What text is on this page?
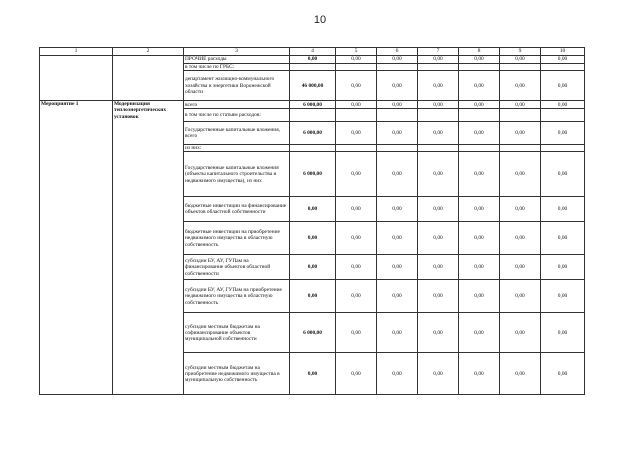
10
1	2	3	4	5	6	7	8	9	10
		ПРОЧИЕ расходы	0,00	0,00	0,00	0,00	0,00	0,00	0,00
		в том числе по ГРБС:							
		департамент жилищно-коммунального хозяйства и энергетики Воронежской области	46 000,00	0,00	0,00	0,00	0,00	0,00	0,00
Мероприятие 1	Модернизация теплоэнергетических установок	всего	6 000,00	0,00	0,00	0,00	0,00	0,00	0,00
		в том числе по статьям расходов:							
		Государственные капитальные вложения, всего	6 000,00	0,00	0,00	0,00	0,00	0,00	0,00
		из них:							
		Государственные капитальные вложения (объекты капитального строительства и недвижимого имущества), из них	6 000,00	0,00	0,00	0,00	0,00	0,00	0,00
		бюджетные инвестиции на финансирование объектов областной собственности	0,00	0,00	0,00	0,00	0,00	0,00	0,00
		бюджетные инвестиции на приобретение недвижимого имущества в областную собственность	0,00	0,00	0,00	0,00	0,00	0,00	0,00
		субсидии БУ, АУ, ГУПам на финансирование объектов областной собственности	0,00	0,00	0,00	0,00	0,00	0,00	0,00
		субсидии БУ, АУ, ГУПам на приобретение недвижимого имущества в областную собственность	0,00	0,00	0,00	0,00	0,00	0,00	0,00
		субсидии местным бюджетам на софинансирование объектов муниципальной собственности	6 000,00	0,00	0,00	0,00	0,00	0,00	0,00
		субсидии местным бюджетам на приобретение недвижимого имущества в муниципальную собственность	0,00	0,00	0,00	0,00	0,00	0,00	0,00
